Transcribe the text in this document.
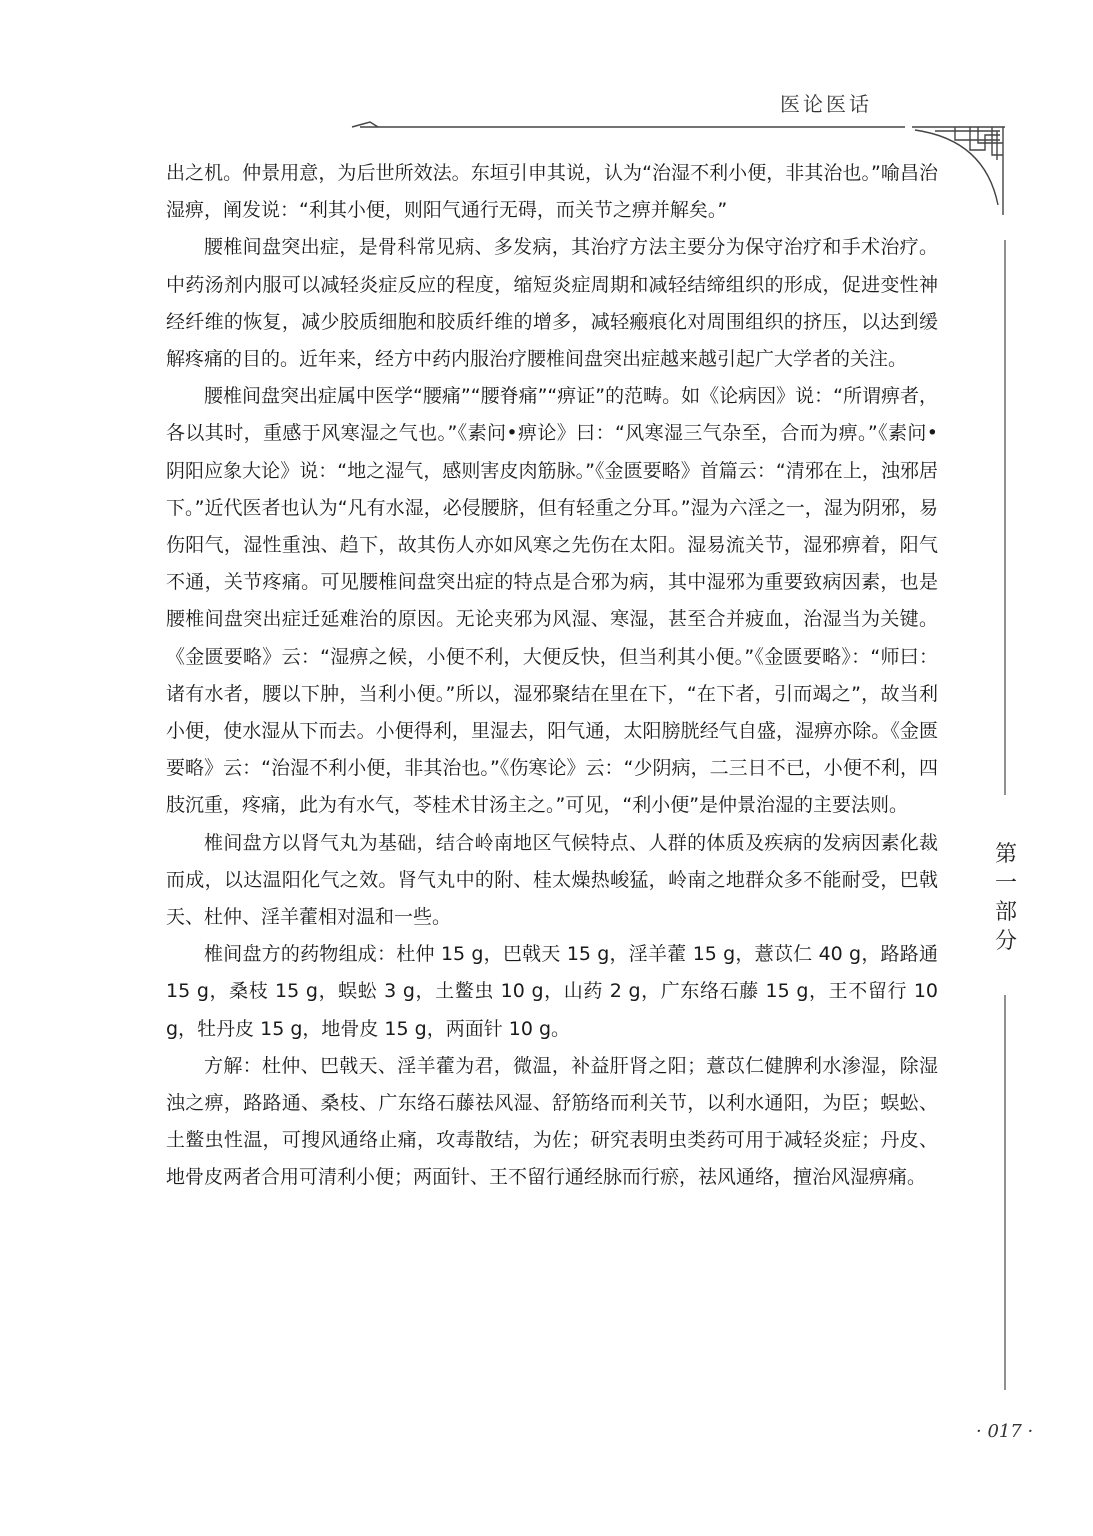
医论医话

出之机。仲景用意，为后世所效法。东垣引申其说，认为“治湿不利小便，非其治也。”喻昌治湿痹，阐发说：“利其小便，则阳气通行无碍，而关节之痹并解矣。”

腰椎间盘突出症，是骨科常见病、多发病，其治疗方法主要分为保守治疗和手术治疗。中药汤剂内服可以减轻炎症反应的程度，缩短炎症周期和减轻结缔组织的形成，促进变性神经纤维的恢复，减少胶质细胞和胶质纤维的增多，减轻瘢痕化对周围组织的挤压，以达到缓解疼痛的目的。近年来，经方中药内服治疗腰椎间盘突出症越来越引起广大学者的关注。

腰椎间盘突出症属中医学“腰痛”“腰脊痛”“痹证”的范畴。如《论病因》说：“所谓痹者，各以其时，重感于风寒湿之气也。”《素问•痹论》曰：“风寒湿三气杂至，合而为痹。”《素问•阴阳应象大论》说：“地之湿气，感则害皮肉筋脉。”《金匮要略》首篇云：“清邪在上，浊邪居下。”近代医者也认为“凡有水湿，必侵腰脐，但有轻重之分耳。”湿为六淫之一，湿为阴邪，易伤阳气，湿性重浊、趋下，故其伤人亦如风寒之先伤在太阳。湿易流关节，湿邪痹着，阳气不通，关节疼痛。可见腰椎间盘突出症的特点是合邪为病，其中湿邪为重要致病因素，也是腰椎间盘突出症迁延难治的原因。无论夹邪为风湿、寒湿，甚至合并疲血，治湿当为关键。《金匮要略》云：“湿痹之候，小便不利，大便反快，但当利其小便。”《金匮要略》：“师曰：诸有水者，腰以下肿，当利小便。”所以，湿邪聚结在里在下，“在下者，引而竭之”，故当利小便，使水湿从下而去。小便得利，里湿去，阳气通，太阳膀胱经气自盛，湿痹亦除。《金匮要略》云：“治湿不利小便，非其治也。”《伤寒论》云：“少阴病，二三日不已，小便不利，四肢沉重，疼痛，此为有水气，苓桂术甘汤主之。”可见，“利小便”是仲景治湿的主要法则。

椎间盘方以肾气丸为基础，结合岭南地区气候特点、人群的体质及疾病的发病因素化裁而成，以达温阳化气之效。肾气丸中的附、桂太燥热峻猛，岭南之地群众多不能耐受，巴戟天、杜仲、淫羊藿相对温和一些。

椎间盘方的药物组成：杜仲 15 g，巴戟天 15 g，淫羊藿 15 g，薏苡仁 40 g，路路通 15 g，桑枝 15 g，蜈蚣 3 g，土鳖虫 10 g，山药 2 g，广东络石藤 15 g，王不留行 10 g，牡丹皮 15 g，地骨皮 15 g，两面针 10 g。

方解：杜仲、巴戟天、淫羊藿为君，微温，补益肝肾之阳；薏苡仁健脾利水渗湿，除湿浊之痹，路路通、桑枝、广东络石藤祛风湿、舒筋络而利关节，以利水通阳，为臣；蜈蚣、土鳖虫性温，可搜风通络止痛，攻毒散结，为佐；研究表明虫类药可用于减轻炎症；丹皮、地骨皮两者合用可清利小便；两面针、王不留行通经脉而行瘀，祛风通络，擅治风湿痹痛。

第
一
部
分
· 017 ·
